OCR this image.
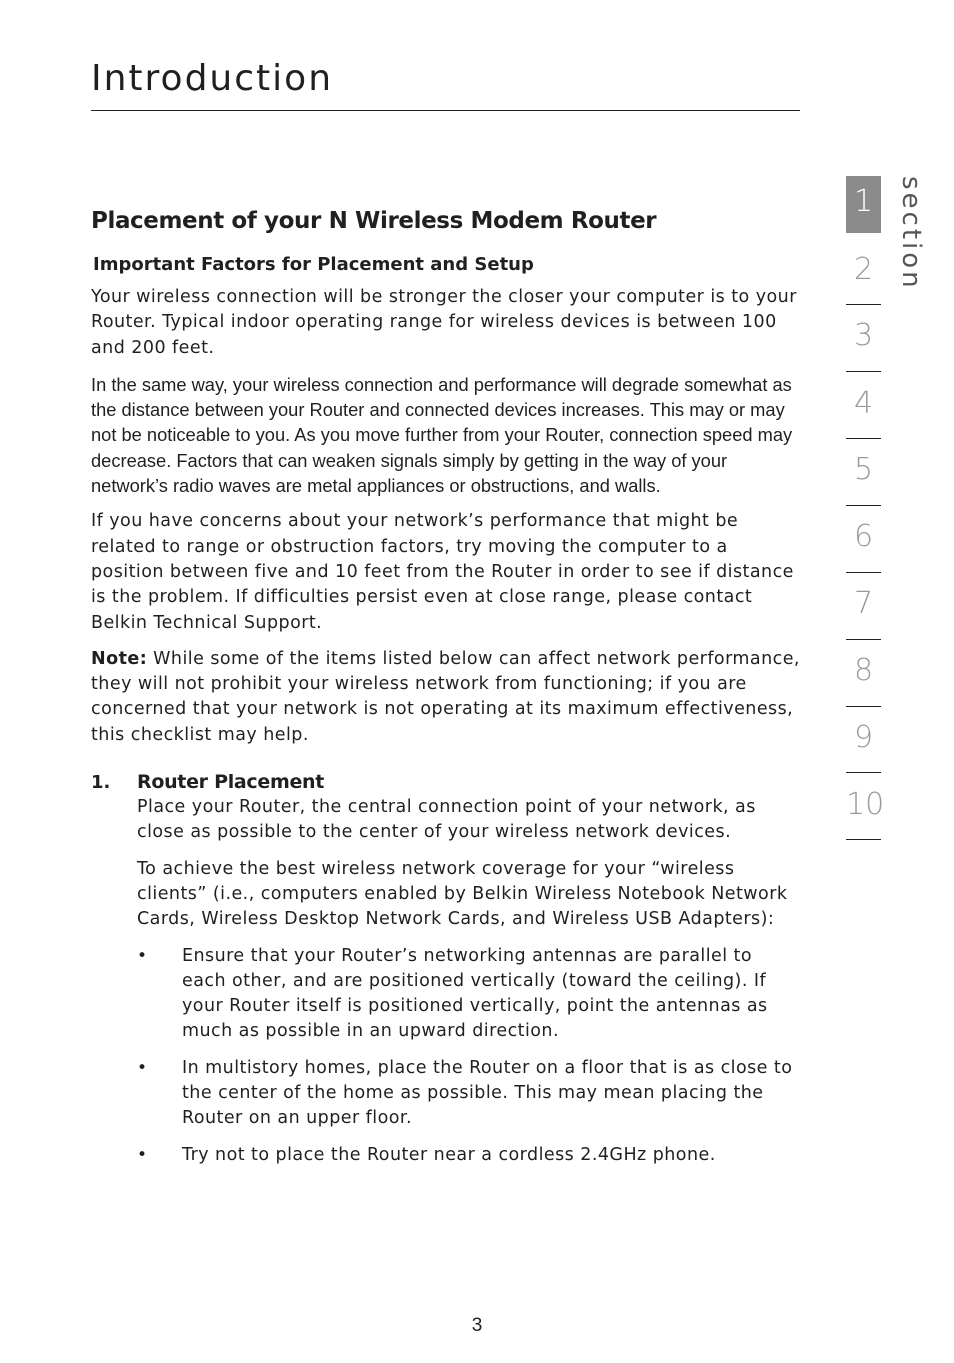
Introduction
section
1
2
3
4
5
6
7
8
9
10
Placement of your N Wireless Modem Router
Important Factors for Placement and Setup

Your wireless connection will be stronger the closer your computer is to your Router. Typical indoor operating range for wireless devices is between 100 and 200 feet.

In the same way, your wireless connection and performance will degrade somewhat as the distance between your Router and connected devices increases. This may or may not be noticeable to you. As you move further from your Router, connection speed may decrease. Factors that can weaken signals simply by getting in the way of your network’s radio waves are metal appliances or obstructions, and walls.

If you have concerns about your network’s performance that might be related to range or obstruction factors, try moving the computer to a position between five and 10 feet from the Router in order to see if distance is the problem. If difficulties persist even at close range, please contact Belkin Technical Support.

Note: While some of the items listed below can affect network performance, they will not prohibit your wireless network from functioning; if you are concerned that your network is not operating at its maximum effectiveness, this checklist may help.

1. Router Placement

Place your Router, the central connection point of your network, as close as possible to the center of your wireless network devices.

To achieve the best wireless network coverage for your “wireless clients” (i.e., computers enabled by Belkin Wireless Notebook Network Cards, Wireless Desktop Network Cards, and Wireless USB Adapters):

• Ensure that your Router’s networking antennas are parallel to each other, and are positioned vertically (toward the ceiling). If your Router itself is positioned vertically, point the antennas as much as possible in an upward direction.
• In multistory homes, place the Router on a floor that is as close to the center of the home as possible. This may mean placing the Router on an upper floor.
• Try not to place the Router near a cordless 2.4GHz phone.
3
